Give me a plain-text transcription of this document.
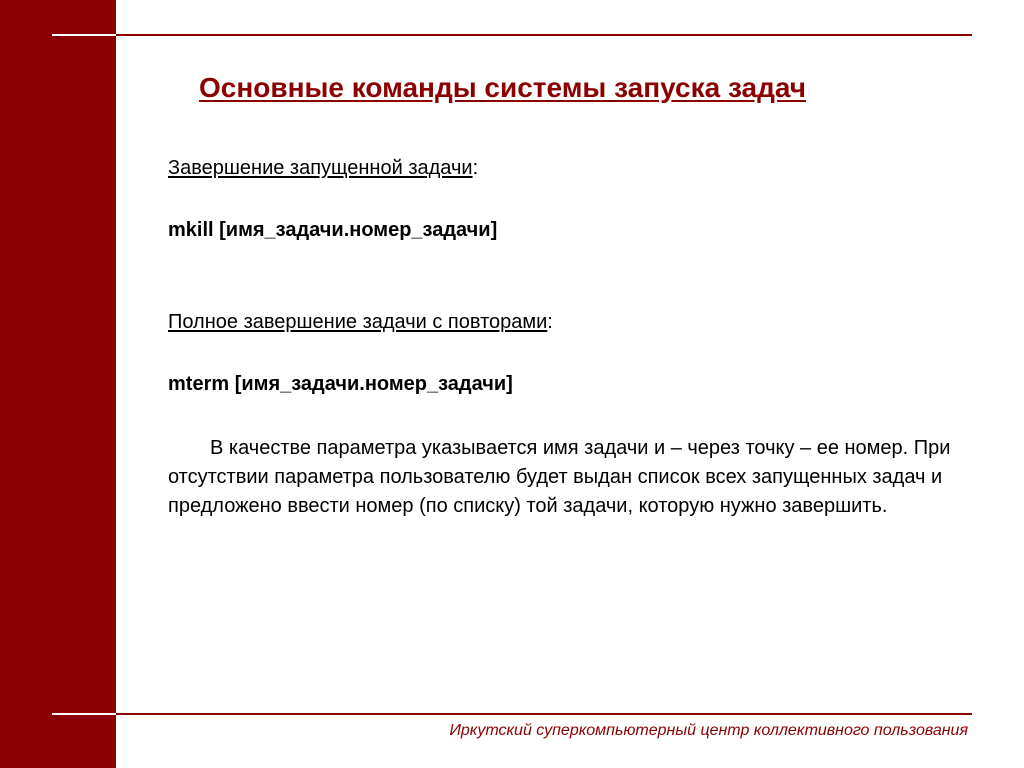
Основные команды системы запуска задач
Завершение запущенной задачи:
mkill [имя_задачи.номер_задачи]
Полное завершение задачи с повторами:
mterm [имя_задачи.номер_задачи]
В качестве параметра указывается имя задачи и – через точку – ее номер. При отсутствии параметра пользователю будет выдан список всех запущенных задач и предложено ввести номер (по списку) той задачи, которую нужно завершить.
Иркутский суперкомпьютерный центр коллективного пользования
